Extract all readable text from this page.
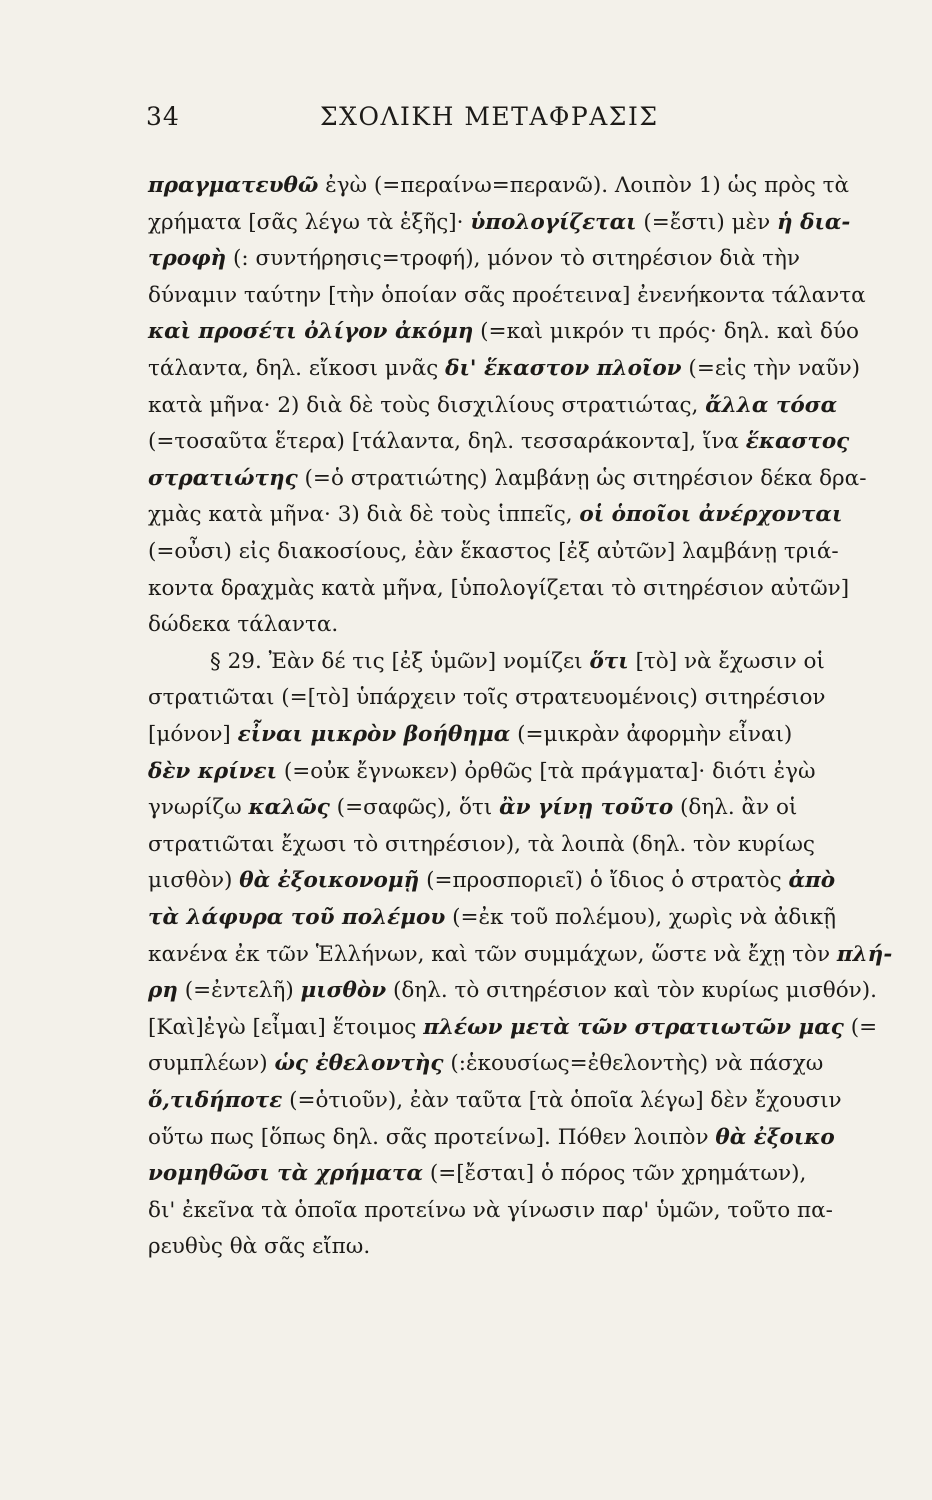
34	ΣΧΟΛΙΚΗ ΜΕΤΑΦΡΑΣΙΣ
πραγματευθῶ ἐγὼ (=περαίνω=περανῶ). Λοιπὸν 1) ὡς πρὸς τὰ
χρήματα [σᾶς λέγω τὰ ἑξῆς]· ὑπολογίζεται (=ἔστι) μὲν ἡ δια-
τροφὴ (: συντήρησις=τροφή), μόνον τὸ σιτηρέσιον διὰ τὴν
δύναμιν ταύτην [τὴν ὁποίαν σᾶς προέτεινα] ἐνενήκοντα τάλαντα
καὶ προσέτι ὀλίγον ἀκόμη (=καὶ μικρόν τι πρός· δηλ. καὶ δύο
τάλαντα, δηλ. εἴκοσι μνᾶς δι' ἕκαστον πλοῖον (=εἰς τὴν ναῦν)
κατὰ μῆνα· 2) διὰ δὲ τοὺς δισχιλίους στρατιώτας, ἄλλα τόσα
(=τοσαῦτα ἕτερα) [τάλαντα, δηλ. τεσσαράκοντα], ἵνα ἕκαστος
στρατιώτης (=ὁ στρατιώτης) λαμβάνῃ ὡς σιτηρέσιον δέκα δρα-
χμὰς κατὰ μῆνα· 3) διὰ δὲ τοὺς ἱππεῖς, οἱ ὁποῖοι ἀνέρχονται
(=οὖσι) εἰς διακοσίους, ἐὰν ἕκαστος [ἐξ αὐτῶν] λαμβάνῃ τριά-
κοντα δραχμὰς κατὰ μῆνα, [ὑπολογίζεται τὸ σιτηρέσιον αὐτῶν]
δώδεκα τάλαντα.
§ 29. Ἐὰν δέ τις [ἐξ ὑμῶν] νομίζει ὅτι [τὸ] νὰ ἔχωσιν οἱ
στρατιῶται (=[τὸ] ὑπάρχειν τοῖς στρατευομένοις) σιτηρέσιον
[μόνον] εἶναι μικρὸν βοήθημα (=μικρὰν ἀφορμὴν εἶναι)
δὲν κρίνει (=οὐκ ἔγνωκεν) ὀρθῶς [τὰ πράγματα]· διότι ἐγὼ
γνωρίζω καλῶς (=σαφῶς), ὅτι ἂν γίνῃ τοῦτο (δηλ. ἂν οἱ
στρατιῶται ἔχωσι τὸ σιτηρέσιον), τὰ λοιπὰ (δηλ. τὸν κυρίως
μισθὸν) θὰ ἐξοικονομῇ (=προσποριεῖ) ὁ ἴδιος ὁ στρατὸς ἀπὸ
τὰ λάφυρα τοῦ πολέμου (=ἐκ τοῦ πολέμου), χωρὶς νὰ ἀδικῇ
κανένα ἐκ τῶν Ἑλλήνων, καὶ τῶν συμμάχων, ὥστε νὰ ἔχῃ τὸν πλή-
ρη (=ἐντελῆ) μισθὸν (δηλ. τὸ σιτηρέσιον καὶ τὸν κυρίως μισθόν).
[Καὶ]ἐγὼ [εἶμαι] ἕτοιμος πλέων μετὰ τῶν στρατιωτῶν μας (=
συμπλέων) ὡς ἐθελοντὴς (:ἑκουσίως=ἐθελοντὴς) νὰ πάσχω
ὅ,τιδήποτε (=ὁτιοῦν), ἐὰν ταῦτα [τὰ ὁποῖα λέγω] δὲν ἔχουσιν
οὕτω πως [ὅπως δηλ. σᾶς προτείνω]. Πόθεν λοιπὸν θὰ ἐξοικο
νομηθῶσι τὰ χρήματα (=[ἔσται] ὁ πόρος τῶν χρημάτων),
δι' ἐκεῖνα τὰ ὁποῖα προτείνω νὰ γίνωσιν παρ' ὑμῶν, τοῦτο πα-
ρευθὺς θὰ σᾶς εἴπω.
